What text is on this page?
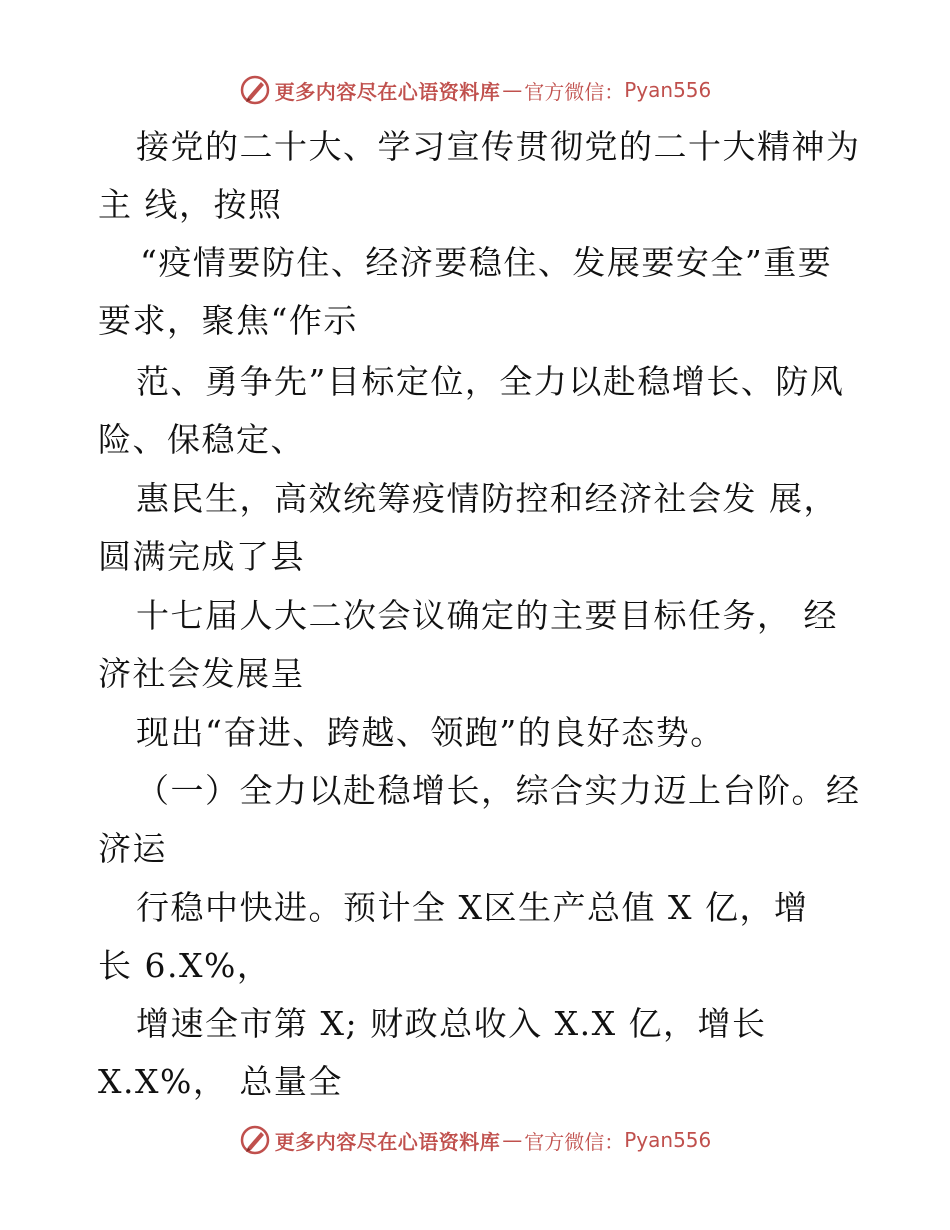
更多内容尽在心语资料库 — 官方微信： Pyan556
接党的二十大、学习宣传贯彻党的二十大精神为
主 线，按照
“疫情要防住、经济要稳住、发展要安全”重要
要求，聚焦“作示
范、勇争先”目标定位，全力以赴稳增长、防风
险、保稳定、
惠民生，高效统筹疫情防控和经济社会发 展，
圆满完成了县
十七届人大二次会议确定的主要目标任务， 经
济社会发展呈
现出“奋进、跨越、领跑”的良好态势。
（一）全力以赴稳增长，综合实力迈上台阶。经
济运
行稳中快进。预计全 X区生产总值 X 亿，增
长 6.X%，
增速全市第 X; 财政总收入 X.X 亿，增长
X.X%， 总量全
更多内容尽在心语资料库 — 官方微信： Pyan556
